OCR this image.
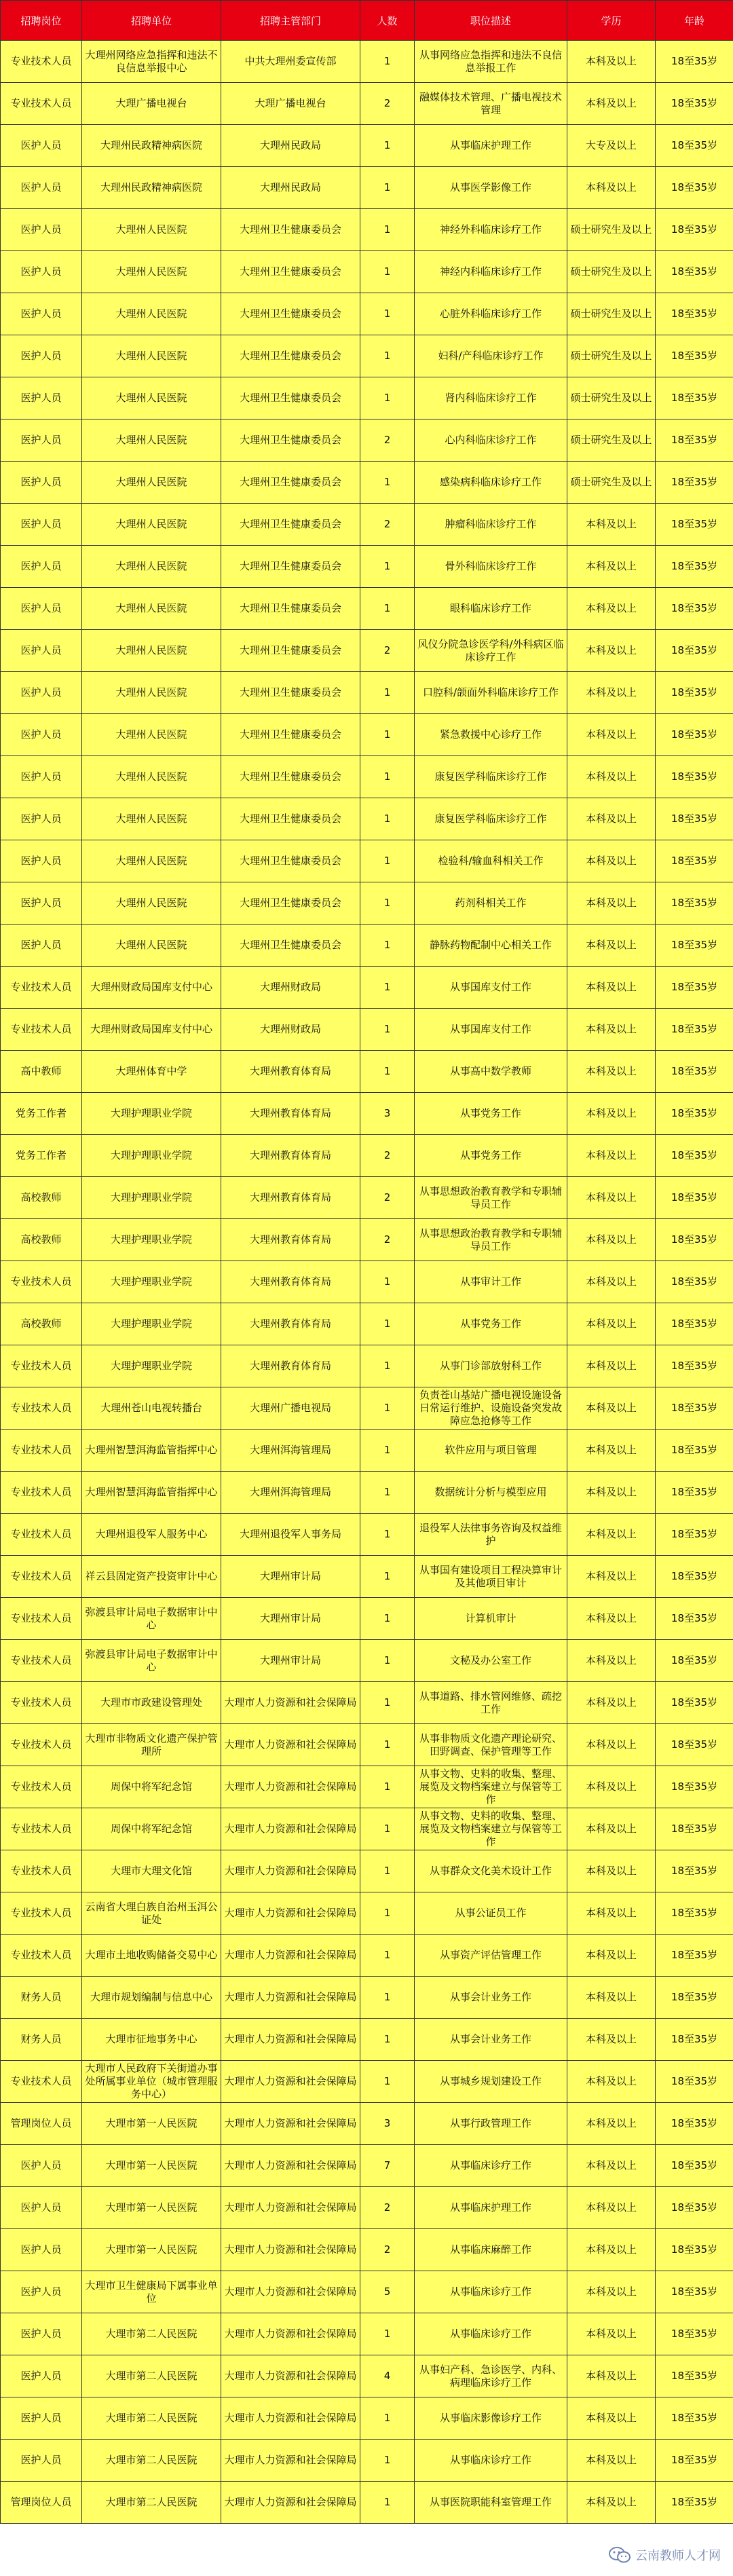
招聘岗位	招聘单位	招聘主管部门	人数	职位描述	学历	年龄
专业技术人员	大理州网络应急指挥和违法不良信息举报中心	中共大理州委宣传部	1	从事网络应急指挥和违法不良信息举报工作	本科及以上	18至35岁
专业技术人员	大理广播电视台	大理广播电视台	2	融媒体技术管理、广播电视技术管理	本科及以上	18至35岁
医护人员	大理州民政精神病医院	大理州民政局	1	从事临床护理工作	大专及以上	18至35岁
医护人员	大理州民政精神病医院	大理州民政局	1	从事医学影像工作	本科及以上	18至35岁
医护人员	大理州人民医院	大理州卫生健康委员会	1	神经外科临床诊疗工作	硕士研究生及以上	18至35岁
医护人员	大理州人民医院	大理州卫生健康委员会	1	神经内科临床诊疗工作	硕士研究生及以上	18至35岁
医护人员	大理州人民医院	大理州卫生健康委员会	1	心脏外科临床诊疗工作	硕士研究生及以上	18至35岁
医护人员	大理州人民医院	大理州卫生健康委员会	1	妇科/产科临床诊疗工作	硕士研究生及以上	18至35岁
医护人员	大理州人民医院	大理州卫生健康委员会	1	肾内科临床诊疗工作	硕士研究生及以上	18至35岁
医护人员	大理州人民医院	大理州卫生健康委员会	2	心内科临床诊疗工作	硕士研究生及以上	18至35岁
医护人员	大理州人民医院	大理州卫生健康委员会	1	感染病科临床诊疗工作	硕士研究生及以上	18至35岁
医护人员	大理州人民医院	大理州卫生健康委员会	2	肿瘤科临床诊疗工作	本科及以上	18至35岁
医护人员	大理州人民医院	大理州卫生健康委员会	1	骨外科临床诊疗工作	本科及以上	18至35岁
医护人员	大理州人民医院	大理州卫生健康委员会	1	眼科临床诊疗工作	本科及以上	18至35岁
医护人员	大理州人民医院	大理州卫生健康委员会	2	风仪分院急诊医学科/外科病区临床诊疗工作	本科及以上	18至35岁
医护人员	大理州人民医院	大理州卫生健康委员会	1	口腔科/颌面外科临床诊疗工作	本科及以上	18至35岁
医护人员	大理州人民医院	大理州卫生健康委员会	1	紧急救援中心诊疗工作	本科及以上	18至35岁
医护人员	大理州人民医院	大理州卫生健康委员会	1	康复医学科临床诊疗工作	本科及以上	18至35岁
医护人员	大理州人民医院	大理州卫生健康委员会	1	康复医学科临床诊疗工作	本科及以上	18至35岁
医护人员	大理州人民医院	大理州卫生健康委员会	1	检验科/输血科相关工作	本科及以上	18至35岁
医护人员	大理州人民医院	大理州卫生健康委员会	1	药剂科相关工作	本科及以上	18至35岁
医护人员	大理州人民医院	大理州卫生健康委员会	1	静脉药物配制中心相关工作	本科及以上	18至35岁
专业技术人员	大理州财政局国库支付中心	大理州财政局	1	从事国库支付工作	本科及以上	18至35岁
专业技术人员	大理州财政局国库支付中心	大理州财政局	1	从事国库支付工作	本科及以上	18至35岁
高中教师	大理州体育中学	大理州教育体育局	1	从事高中数学教师	本科及以上	18至35岁
党务工作者	大理护理职业学院	大理州教育体育局	3	从事党务工作	本科及以上	18至35岁
党务工作者	大理护理职业学院	大理州教育体育局	2	从事党务工作	本科及以上	18至35岁
高校教师	大理护理职业学院	大理州教育体育局	2	从事思想政治教育教学和专职辅导员工作	本科及以上	18至35岁
高校教师	大理护理职业学院	大理州教育体育局	2	从事思想政治教育教学和专职辅导员工作	本科及以上	18至35岁
专业技术人员	大理护理职业学院	大理州教育体育局	1	从事审计工作	本科及以上	18至35岁
高校教师	大理护理职业学院	大理州教育体育局	1	从事党务工作	本科及以上	18至35岁
专业技术人员	大理护理职业学院	大理州教育体育局	1	从事门诊部放射科工作	本科及以上	18至35岁
专业技术人员	大理州苍山电视转播台	大理州广播电视局	1	负责苍山基站广播电视设施设备日常运行维护、设施设备突发故障应急抢修等工作	本科及以上	18至35岁
专业技术人员	大理州智慧洱海监管指挥中心	大理州洱海管理局	1	软件应用与项目管理	本科及以上	18至35岁
专业技术人员	大理州智慧洱海监管指挥中心	大理州洱海管理局	1	数据统计分析与模型应用	本科及以上	18至35岁
专业技术人员	大理州退役军人服务中心	大理州退役军人事务局	1	退役军人法律事务咨询及权益维护	本科及以上	18至35岁
专业技术人员	祥云县固定资产投资审计中心	大理州审计局	1	从事国有建设项目工程决算审计及其他项目审计	本科及以上	18至35岁
专业技术人员	弥渡县审计局电子数据审计中心	大理州审计局	1	计算机审计	本科及以上	18至35岁
专业技术人员	弥渡县审计局电子数据审计中心	大理州审计局	1	文秘及办公室工作	本科及以上	18至35岁
专业技术人员	大理市市政建设管理处	大理市人力资源和社会保障局	1	从事道路、排水管网维修、疏挖工作	本科及以上	18至35岁
专业技术人员	大理市非物质文化遗产保护管理所	大理市人力资源和社会保障局	1	从事非物质文化遗产理论研究、田野调查、保护管理等工作	本科及以上	18至35岁
专业技术人员	周保中将军纪念馆	大理市人力资源和社会保障局	1	从事文物、史料的收集、整理、展览及文物档案建立与保管等工作	本科及以上	18至35岁
专业技术人员	周保中将军纪念馆	大理市人力资源和社会保障局	1	从事文物、史料的收集、整理、展览及文物档案建立与保管等工作	本科及以上	18至35岁
专业技术人员	大理市大理文化馆	大理市人力资源和社会保障局	1	从事群众文化美术设计工作	本科及以上	18至35岁
专业技术人员	云南省大理白族自治州玉洱公证处	大理市人力资源和社会保障局	1	从事公证员工作	本科及以上	18至35岁
专业技术人员	大理市土地收购储备交易中心	大理市人力资源和社会保障局	1	从事资产评估管理工作	本科及以上	18至35岁
财务人员	大理市规划编制与信息中心	大理市人力资源和社会保障局	1	从事会计业务工作	本科及以上	18至35岁
财务人员	大理市征地事务中心	大理市人力资源和社会保障局	1	从事会计业务工作	本科及以上	18至35岁
专业技术人员	大理市人民政府下关街道办事处所属事业单位（城市管理服务中心）	大理市人力资源和社会保障局	1	从事城乡规划建设工作	本科及以上	18至35岁
管理岗位人员	大理市第一人民医院	大理市人力资源和社会保障局	3	从事行政管理工作	本科及以上	18至35岁
医护人员	大理市第一人民医院	大理市人力资源和社会保障局	7	从事临床诊疗工作	本科及以上	18至35岁
医护人员	大理市第一人民医院	大理市人力资源和社会保障局	2	从事临床护理工作	本科及以上	18至35岁
医护人员	大理市第一人民医院	大理市人力资源和社会保障局	2	从事临床麻醉工作	本科及以上	18至35岁
医护人员	大理市卫生健康局下属事业单位	大理市人力资源和社会保障局	5	从事临床诊疗工作	本科及以上	18至35岁
医护人员	大理市第二人民医院	大理市人力资源和社会保障局	1	从事临床诊疗工作	本科及以上	18至35岁
医护人员	大理市第二人民医院	大理市人力资源和社会保障局	4	从事妇产科、急诊医学、内科、病理临床诊疗工作	本科及以上	18至35岁
医护人员	大理市第二人民医院	大理市人力资源和社会保障局	1	从事临床影像诊疗工作	本科及以上	18至35岁
医护人员	大理市第二人民医院	大理市人力资源和社会保障局	1	从事临床诊疗工作	本科及以上	18至35岁
管理岗位人员	大理市第二人民医院	大理市人力资源和社会保障局	1	从事医院职能科室管理工作	本科及以上	18至35岁
云南教师人才网
